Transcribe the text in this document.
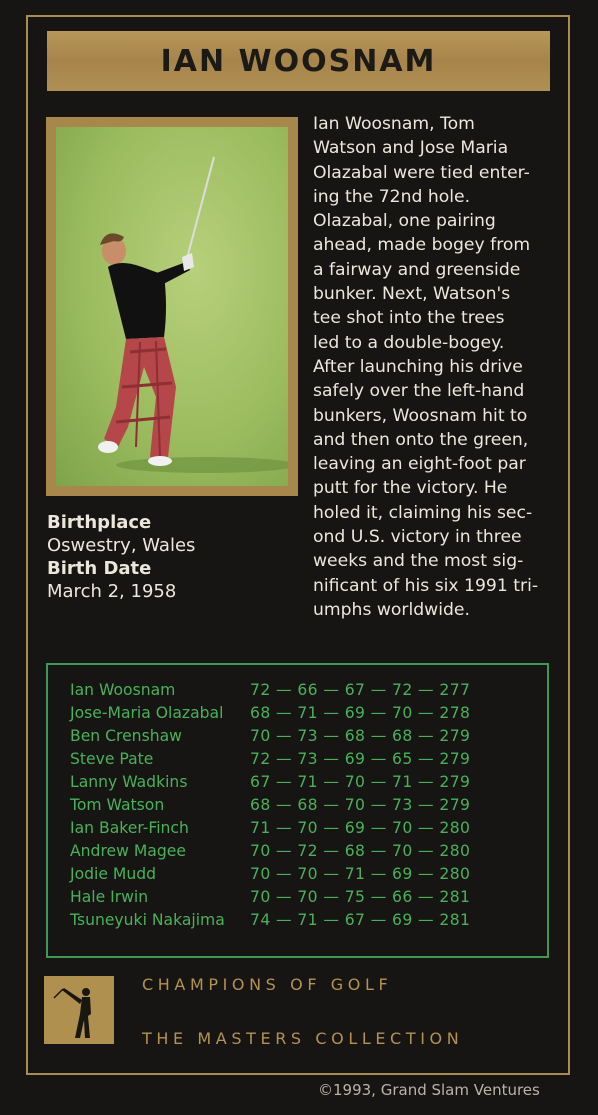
IAN WOOSNAM
Ian Woosnam, Tom
Watson and Jose Maria
Olazabal were tied enter-
ing the 72nd hole.
Olazabal, one pairing
ahead, made bogey from
a fairway and greenside
bunker. Next, Watson's
tee shot into the trees
led to a double-bogey.
After launching his drive
safely over the left-hand
bunkers, Woosnam hit to
and then onto the green,
leaving an eight-foot par
putt for the victory. He
holed it, claiming his sec-
ond U.S. victory in three
weeks and the most sig-
nificant of his six 1991 tri-
umphs worldwide.
Birthplace
Oswestry, Wales
Birth Date
March 2, 1958
Ian Woosnam	72 — 66 — 67 — 72 — 277
Jose-Maria Olazabal 68 — 71 — 69 — 70 — 278
Ben Crenshaw	70 — 73 — 68 — 68 — 279
Steve Pate	72 — 73 — 69 — 65 — 279
Lanny Wadkins	67 — 71 — 70 — 71 — 279
Tom Watson	68 — 68 — 70 — 73 — 279
Ian Baker-Finch	71 — 70 — 69 — 70 — 280
Andrew Magee	70 — 72 — 68 — 70 — 280
Jodie Mudd	70 — 70 — 71 — 69 — 280
Hale Irwin	70 — 70 — 75 — 66 — 281
Tsuneyuki Nakajima 74 — 71 — 67 — 69 — 281
CHAMPIONS OF GOLF
THE MASTERS COLLECTION
©1993, Grand Slam Ventures
